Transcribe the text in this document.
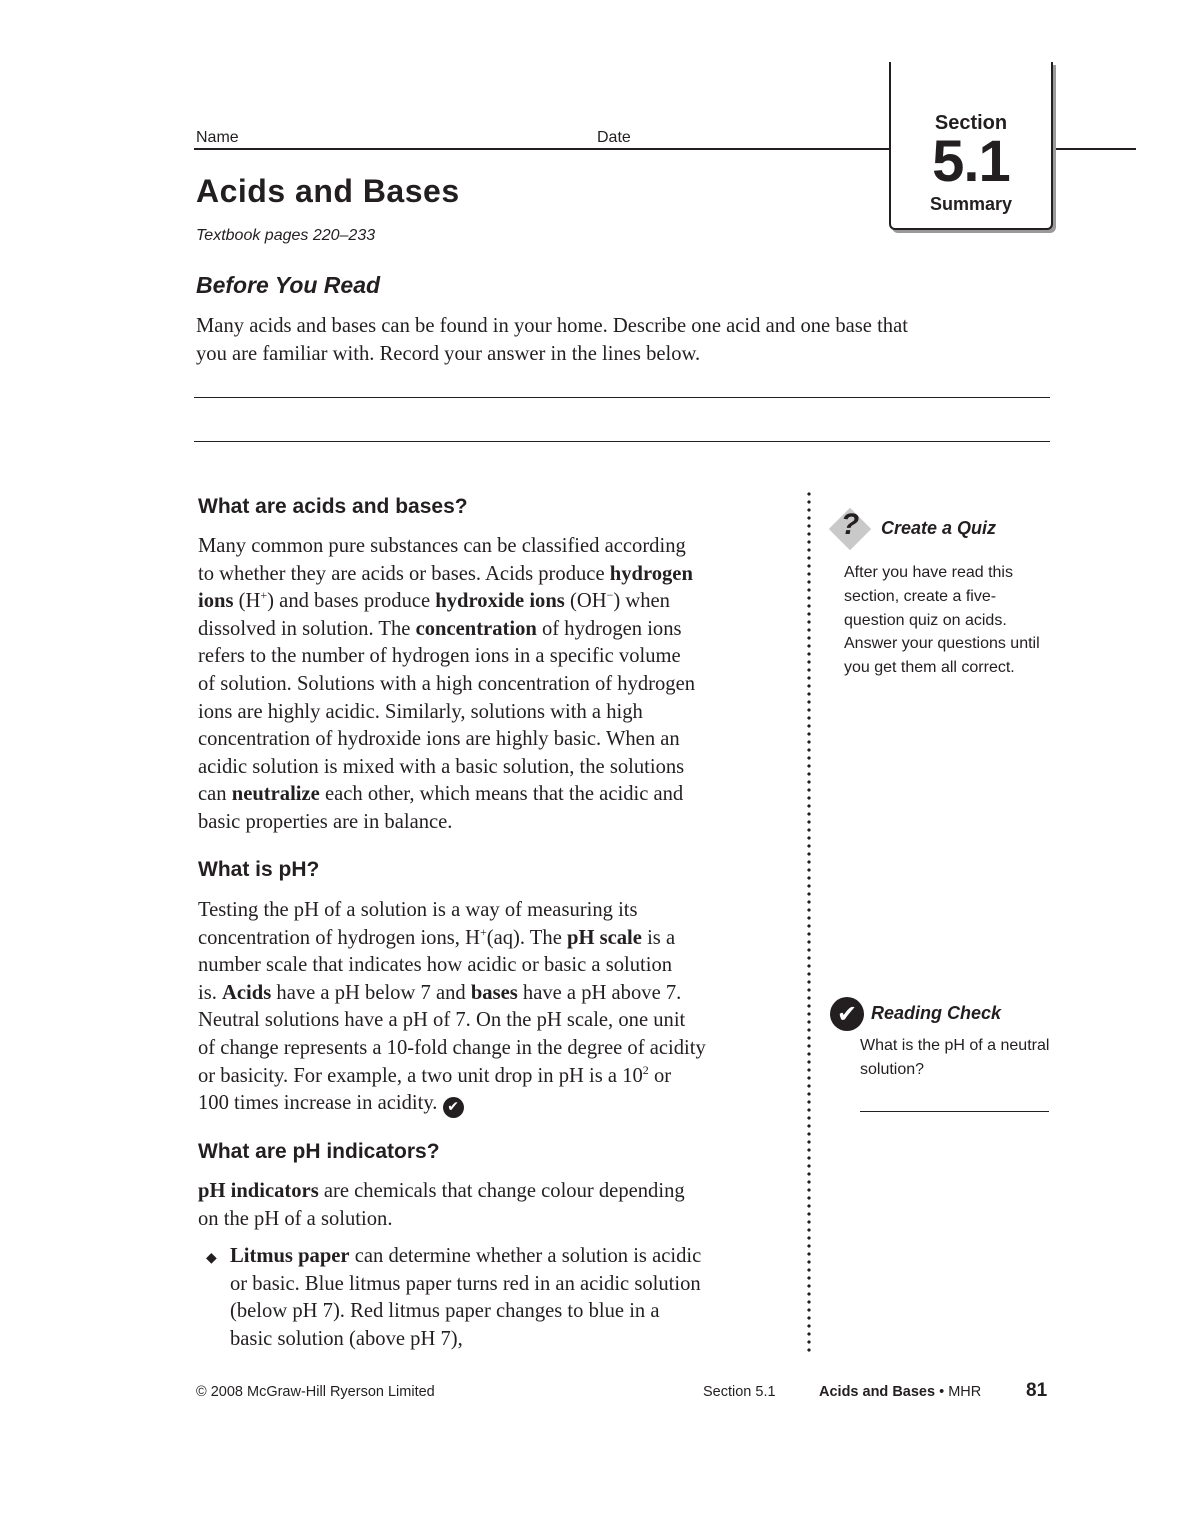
Name	Date
Section
5.1
Summary
Acids and Bases
Textbook pages 220–233
Before You Read
Many acids and bases can be found in your home. Describe one acid and one base that
you are familiar with. Record your answer in the lines below.
What are acids and bases?
Many common pure substances can be classified according
to whether they are acids or bases. Acids produce hydrogen
ions (H+) and bases produce hydroxide ions (OH−) when
dissolved in solution. The concentration of hydrogen ions
refers to the number of hydrogen ions in a specific volume
of solution. Solutions with a high concentration of hydrogen
ions are highly acidic. Similarly, solutions with a high
concentration of hydroxide ions are highly basic. When an
acidic solution is mixed with a basic solution, the solutions
can neutralize each other, which means that the acidic and
basic properties are in balance.
What is pH?
Testing the pH of a solution is a way of measuring its
concentration of hydrogen ions, H+(aq). The pH scale is a
number scale that indicates how acidic or basic a solution
is. Acids have a pH below 7 and bases have a pH above 7.
Neutral solutions have a pH of 7. On the pH scale, one unit
of change represents a 10-fold change in the degree of acidity
or basicity. For example, a two unit drop in pH is a $10^2$ or
100 times increase in acidity. ✔
What are pH indicators?
pH indicators are chemicals that change colour depending
on the pH of a solution.
◆ Litmus paper can determine whether a solution is acidic
or basic. Blue litmus paper turns red in an acidic solution
(below pH 7). Red litmus paper changes to blue in a
basic solution (above pH 7),
? Create a Quiz
After you have read this
section, create a five-
question quiz on acids.
Answer your questions until
you get them all correct.
✔ Reading Check
What is the pH of a neutral
solution?
© 2008 McGraw-Hill Ryerson Limited	Section 5.1	Acids and Bases • MHR 81
